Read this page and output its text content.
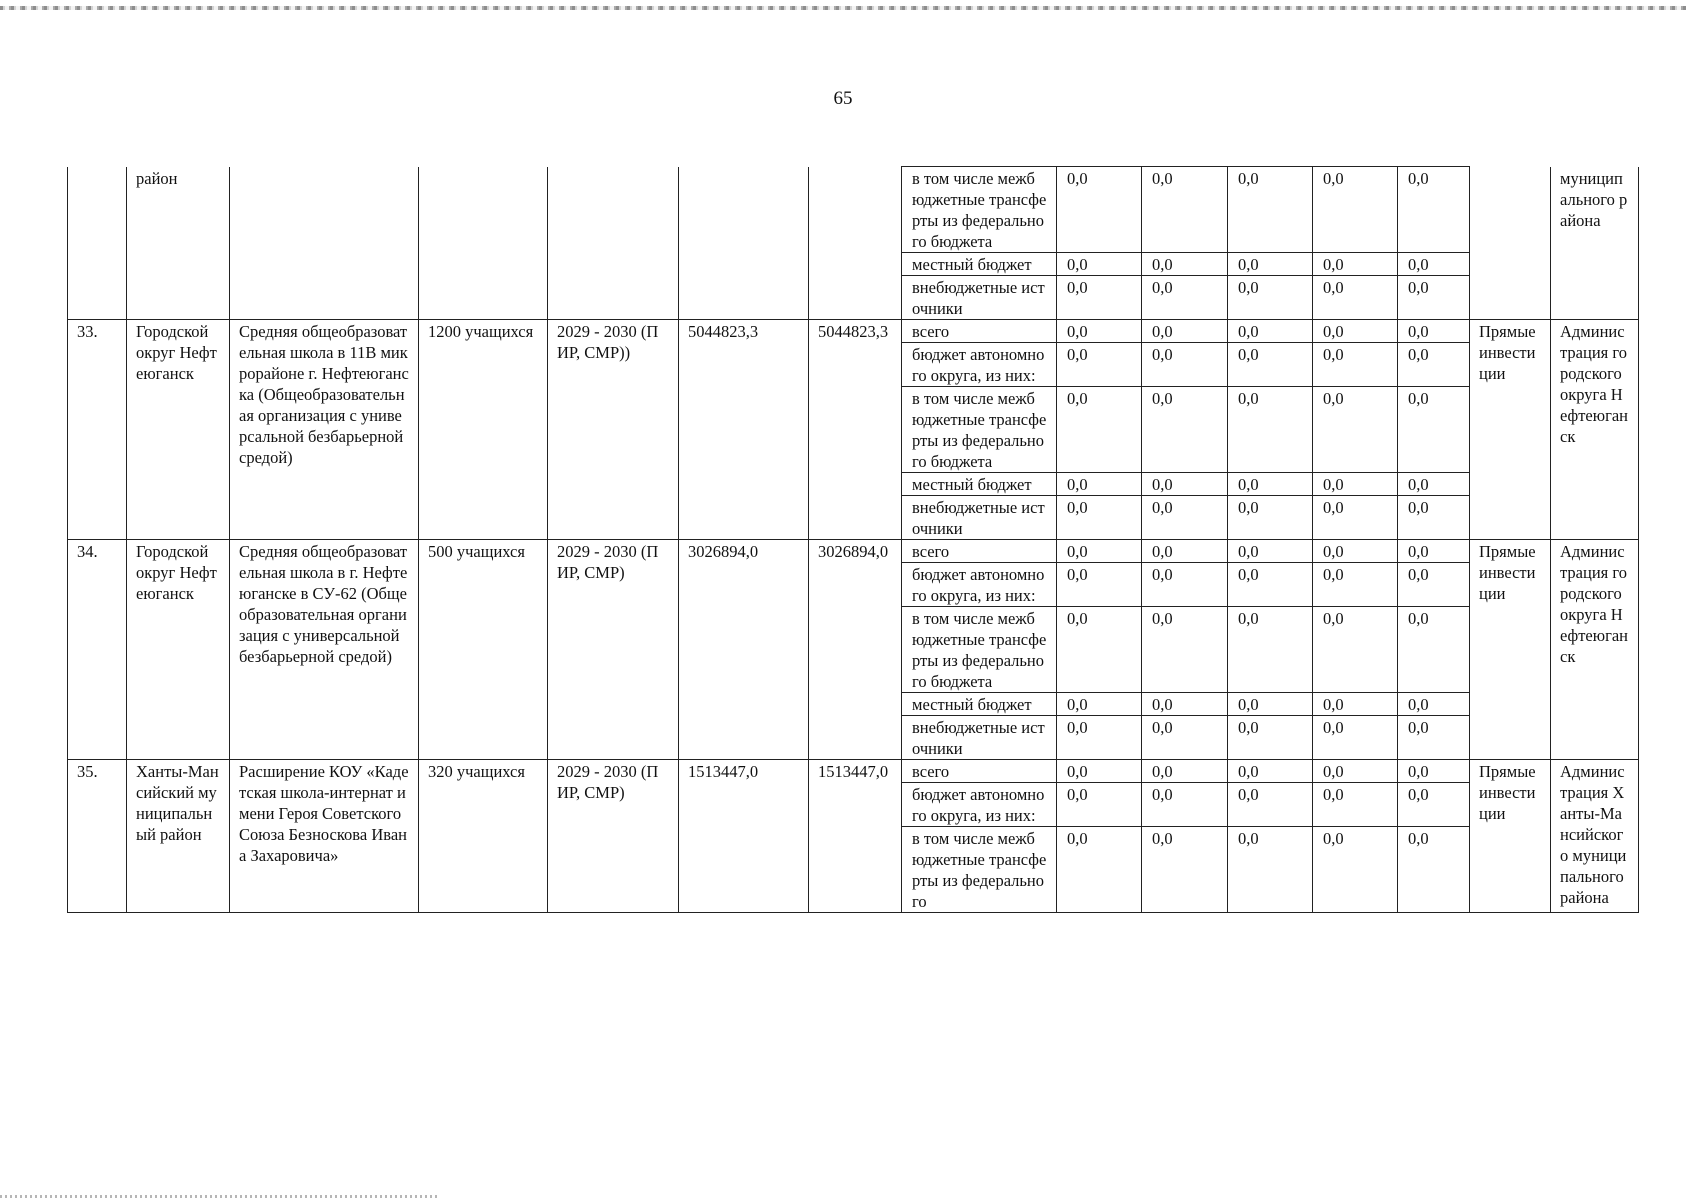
65
	район						в том числе межбюджетные трансферты из федерального бюджета	0,0	0,0	0,0	0,0	0,0		муниципального района
							местный бюджет	0,0	0,0	0,0	0,0	0,0		
							внебюджетные источники	0,0	0,0	0,0	0,0	0,0		
33.	Городской округ Нефтеюганск	Средняя общеобразовательная школа в 11В микрорайоне г. Нефтеюганска (Общеобразовательная организация с универсальной безбарьерной средой)	1200 учащихся	2029 - 2030 (ПИР, СМР))	5044823,3	5044823,3	всего	0,0	0,0	0,0	0,0	0,0	Прямые инвестиции	Администрация городского округа Нефтеюганск
							бюджет автономного округа, из них:	0,0	0,0	0,0	0,0	0,0		
							в том числе межбюджетные трансферты из федерального бюджета	0,0	0,0	0,0	0,0	0,0		
							местный бюджет	0,0	0,0	0,0	0,0	0,0		
							внебюджетные источники	0,0	0,0	0,0	0,0	0,0		
34.	Городской округ Нефтеюганск	Средняя общеобразовательная школа в г. Нефтеюганске в СУ-62 (Общеобразовательная организация с универсальной безбарьерной средой)	500 учащихся	2029 - 2030 (ПИР, СМР)	3026894,0	3026894,0	всего	0,0	0,0	0,0	0,0	0,0	Прямые инвестиции	Администрация городского округа Нефтеюганск
							бюджет автономного округа, из них:	0,0	0,0	0,0	0,0	0,0		
							в том числе межбюджетные трансферты из федерального бюджета	0,0	0,0	0,0	0,0	0,0		
							местный бюджет	0,0	0,0	0,0	0,0	0,0		
							внебюджетные источники	0,0	0,0	0,0	0,0	0,0		
35.	Ханты-Мансийский муниципальный район	Расширение КОУ «Кадетская школа-интернат имени Героя Советского Союза Безноскова Ивана Захаровича»	320 учащихся	2029 - 2030 (ПИР, СМР)	1513447,0	1513447,0	всего	0,0	0,0	0,0	0,0	0,0	Прямые инвестиции	Администрация Ханты-Мансийского муниципального района
							бюджет автономного округа, из них:	0,0	0,0	0,0	0,0	0,0		
							в том числе межбюджетные трансферты из федерального	0,0	0,0	0,0	0,0	0,0		
